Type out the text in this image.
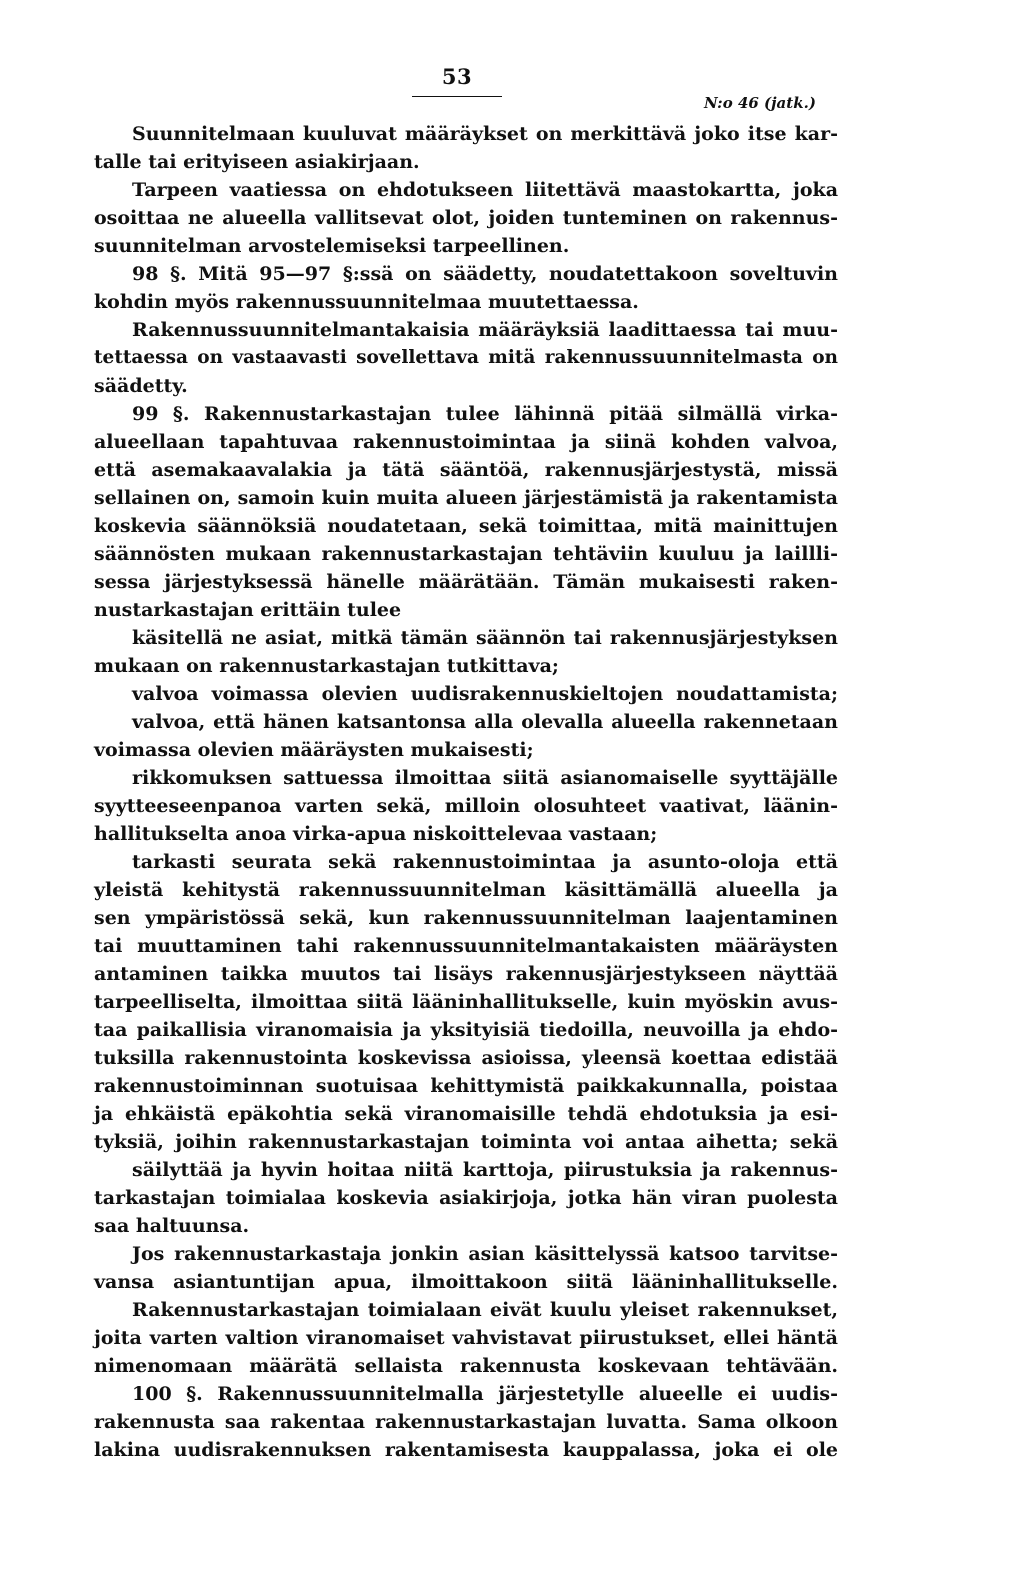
53
N:o 46 (jatk.)
Suunnitelmaan kuuluvat määräykset on merkittävä joko itse kar-
talle tai erityiseen asiakirjaan.
Tarpeen vaatiessa on ehdotukseen liitettävä maastokartta, joka
osoittaa ne alueella vallitsevat olot, joiden tunteminen on rakennus-
suunnitelman arvostelemiseksi tarpeellinen.
98 §. Mitä 95—97 §:ssä on säädetty, noudatettakoon soveltuvin
kohdin myös rakennussuunnitelmaa muutettaessa.
Rakennussuunnitelmantakaisia määräyksiä laadittaessa tai muu-
tettaessa on vastaavasti sovellettava mitä rakennussuunnitelmasta on
säädetty.
99 §. Rakennustarkastajan tulee lähinnä pitää silmällä virka-
alueellaan tapahtuvaa rakennustoimintaa ja siinä kohden valvoa,
että asemakaavalakia ja tätä sääntöä, rakennusjärjestystä, missä
sellainen on, samoin kuin muita alueen järjestämistä ja rakentamista
koskevia säännöksiä noudatetaan, sekä toimittaa, mitä mainittujen
säännösten mukaan rakennustarkastajan tehtäviin kuuluu ja laillli-
sessa järjestyksessä hänelle määrätään. Tämän mukaisesti raken-
nustarkastajan erittäin tulee
käsitellä ne asiat, mitkä tämän säännön tai rakennusjärjestyksen
mukaan on rakennustarkastajan tutkittava;
valvoa voimassa olevien uudisrakennuskieltojen noudattamista;
valvoa, että hänen katsantonsa alla olevalla alueella rakennetaan
voimassa olevien määräysten mukaisesti;
rikkomuksen sattuessa ilmoittaa siitä asianomaiselle syyttäjälle
syytteeseenpanoa varten sekä, milloin olosuhteet vaativat, läänin-
hallitukselta anoa virka-apua niskoittelevaa vastaan;
tarkasti seurata sekä rakennustoimintaa ja asunto-oloja että
yleistä kehitystä rakennussuunnitelman käsittämällä alueella ja
sen ympäristössä sekä, kun rakennussuunnitelman laajentaminen
tai muuttaminen tahi rakennussuunnitelmantakaisten määräysten
antaminen taikka muutos tai lisäys rakennusjärjestykseen näyttää
tarpeelliselta, ilmoittaa siitä lääninhallitukselle, kuin myöskin avus-
taa paikallisia viranomaisia ja yksityisiä tiedoilla, neuvoilla ja ehdo-
tuksilla rakennustointa koskevissa asioissa, yleensä koettaa edistää
rakennustoiminnan suotuisaa kehittymistä paikkakunnalla, poistaa
ja ehkäistä epäkohtia sekä viranomaisille tehdä ehdotuksia ja esi-
tyksiä, joihin rakennustarkastajan toiminta voi antaa aihetta; sekä
säilyttää ja hyvin hoitaa niitä karttoja, piirustuksia ja rakennus-
tarkastajan toimialaa koskevia asiakirjoja, jotka hän viran puolesta
saa haltuunsa.
Jos rakennustarkastaja jonkin asian käsittelyssä katsoo tarvitse-
vansa asiantuntijan apua, ilmoittakoon siitä lääninhallitukselle.
Rakennustarkastajan toimialaan eivät kuulu yleiset rakennukset,
joita varten valtion viranomaiset vahvistavat piirustukset, ellei häntä
nimenomaan määrätä sellaista rakennusta koskevaan tehtävään.
100 §. Rakennussuunnitelmalla järjestetylle alueelle ei uudis-
rakennusta saa rakentaa rakennustarkastajan luvatta. Sama olkoon
lakina uudisrakennuksen rakentamisesta kauppalassa, joka ei ole
